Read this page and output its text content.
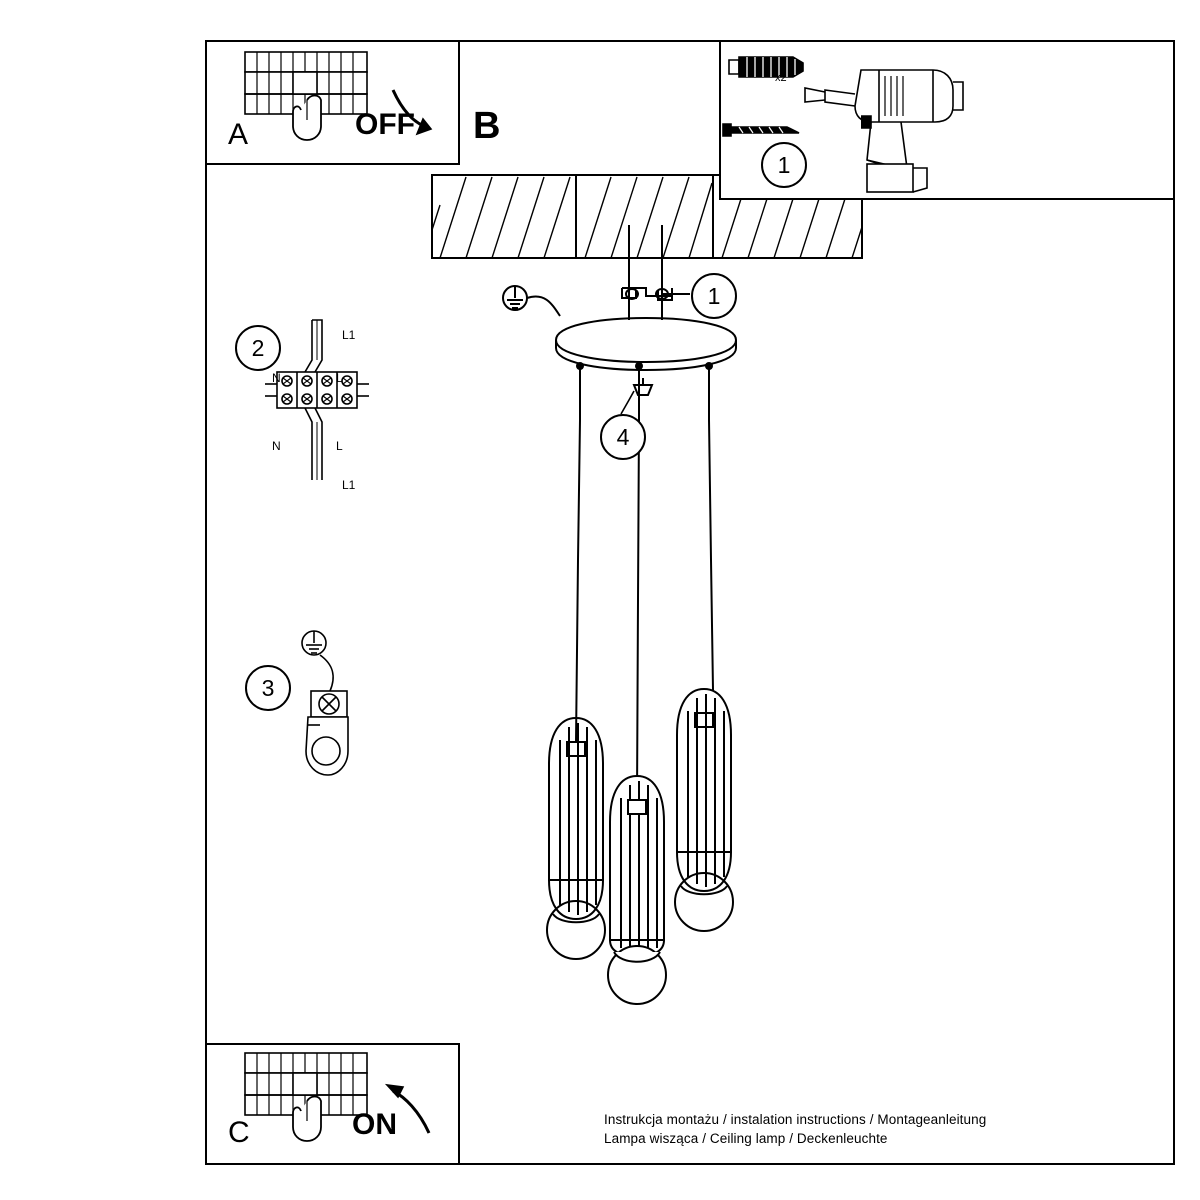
1
4
B
A	OFF
C	ON
1
x2
2	L1
N	L
N	L
L1
3
Instrukcja montażu / instalation instructions / Montageanleitung
Lampa wisząca / Ceiling lamp / Deckenleuchte
